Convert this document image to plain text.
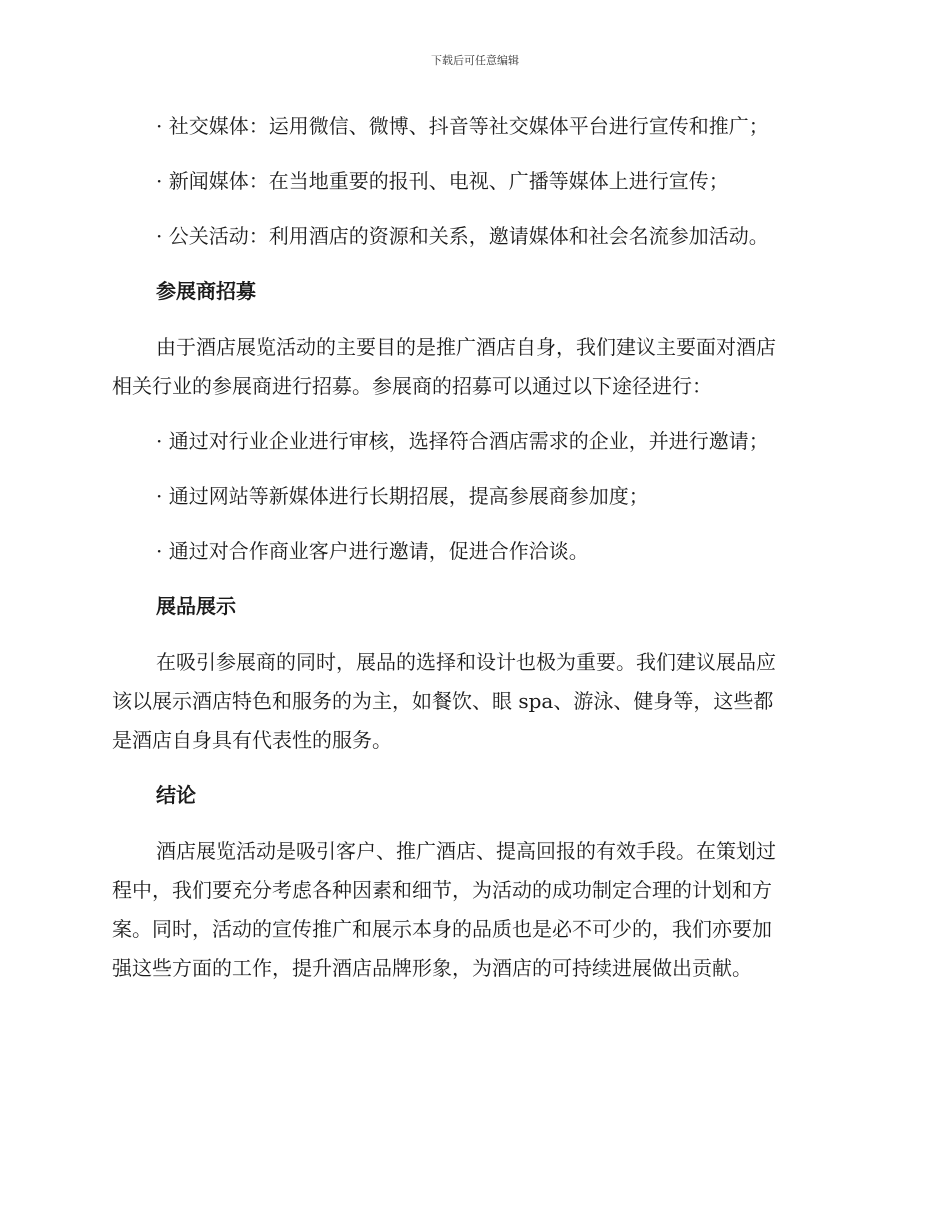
下载后可任意编辑
· 社交媒体：运用微信、微博、抖音等社交媒体平台进行宣传和推广；
· 新闻媒体：在当地重要的报刊、电视、广播等媒体上进行宣传；
· 公关活动：利用酒店的资源和关系，邀请媒体和社会名流参加活动。
参展商招募
由于酒店展览活动的主要目的是推广酒店自身，我们建议主要面对酒店
相关行业的参展商进行招募。参展商的招募可以通过以下途径进行：
· 通过对行业企业进行审核，选择符合酒店需求的企业，并进行邀请；
· 通过网站等新媒体进行长期招展，提高参展商参加度；
· 通过对合作商业客户进行邀请，促进合作洽谈。
展品展示
在吸引参展商的同时，展品的选择和设计也极为重要。我们建议展品应
该以展示酒店特色和服务的为主，如餐饮、眼 spa、游泳、健身等，这些都
是酒店自身具有代表性的服务。
结论
酒店展览活动是吸引客户、推广酒店、提高回报的有效手段。在策划过
程中，我们要充分考虑各种因素和细节，为活动的成功制定合理的计划和方
案。同时，活动的宣传推广和展示本身的品质也是必不可少的，我们亦要加
强这些方面的工作，提升酒店品牌形象，为酒店的可持续进展做出贡献。
